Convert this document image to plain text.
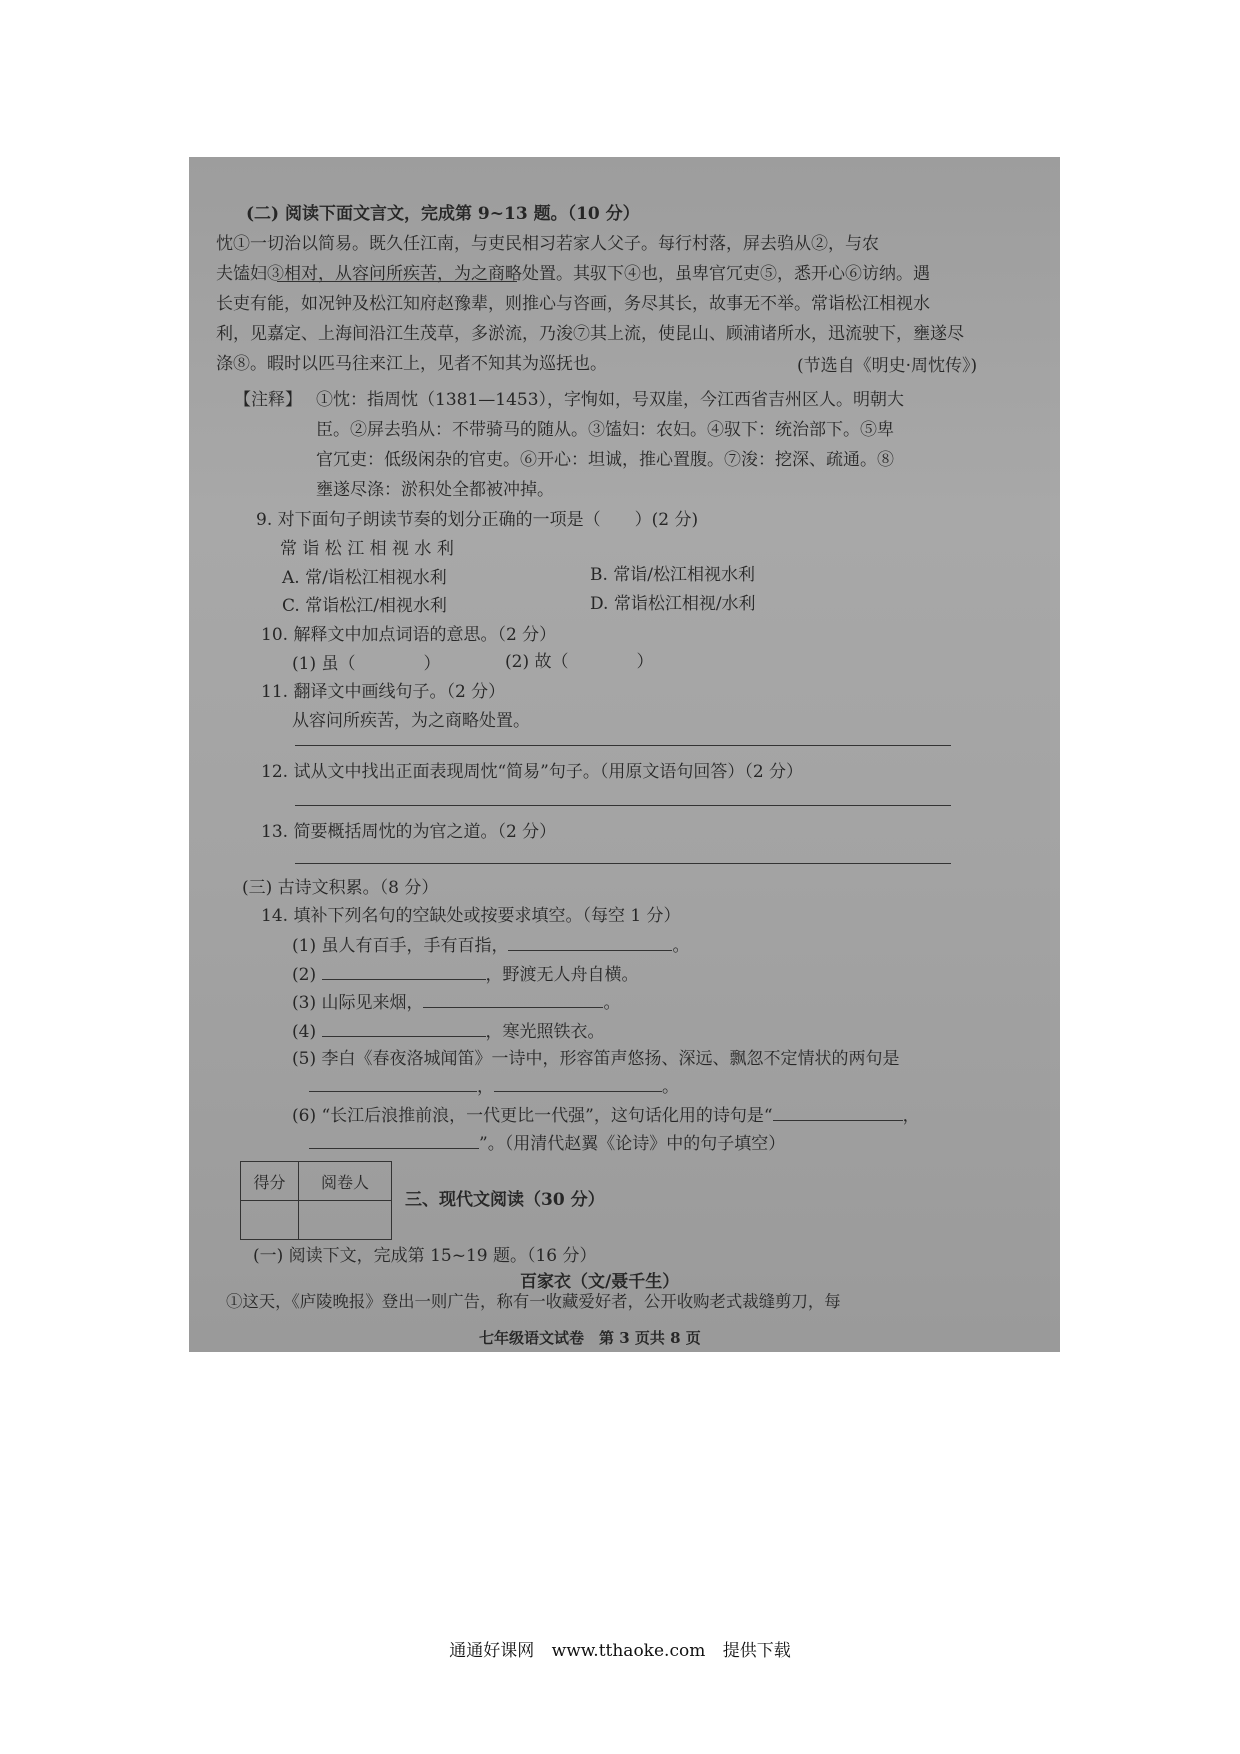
(二) 阅读下面文言文，完成第 9~13 题。（10 分）
忱①一切治以简易。既久任江南，与吏民相习若家人父子。每行村落，屏去驺从②，与农
夫馌妇③相对，从容问所疾苦，为之商略处置。其驭下④也，虽卑官冗吏⑤，悉开心⑥访纳。遇
长吏有能，如况钟及松江知府赵豫辈，则推心与咨画，务尽其长，故事无不举。常诣松江相视水
利，见嘉定、上海间沿江生茂草，多淤流，乃浚⑦其上流，使昆山、顾浦诸所水，迅流驶下，壅遂尽
涤⑧。暇时以匹马往来江上，见者不知其为巡抚也。	(节选自《明史·周忱传》)
【注释】 ①忱：指周忱（1381—1453），字恂如，号双崖，今江西省吉州区人。明朝大
臣。②屏去驺从：不带骑马的随从。③馌妇：农妇。④驭下：统治部下。⑤卑
官冗吏：低级闲杂的官吏。⑥开心：坦诚，推心置腹。⑦浚：挖深、疏通。⑧
壅遂尽涤：淤积处全都被冲掉。
9. 对下面句子朗读节奏的划分正确的一项是（　　）(2 分)
常 诣 松 江 相 视 水 利
A. 常/诣松江相视水利	B. 常诣/松江相视水利
C. 常诣松江/相视水利	D. 常诣松江相视/水利
10. 解释文中加点词语的意思。（2 分）
(1) 虽（　　　　）	(2) 故（　　　　）
11. 翻译文中画线句子。（2 分）
从容问所疾苦，为之商略处置。
12. 试从文中找出正面表现周忱“简易”句子。（用原文语句回答）（2 分）
13. 简要概括周忱的为官之道。（2 分）
(三) 古诗文积累。（8 分）
14. 填补下列名句的空缺处或按要求填空。（每空 1 分）
(1) 虽人有百手，手有百指，	。
(2)	，野渡无人舟自横。
(3) 山际见来烟，	。
(4)	，寒光照铁衣。
(5) 李白《春夜洛城闻笛》一诗中，形容笛声悠扬、深远、飘忽不定情状的两句是
，	。
(6) “长江后浪推前浪，一代更比一代强”，这句话化用的诗句是“	，
”。（用清代赵翼《论诗》中的句子填空）
得分	阅卷人

三、现代文阅读（30 分）
(一) 阅读下文，完成第 15~19 题。（16 分）
百家衣（文/聂千生）
①这天，《庐陵晚报》登出一则广告，称有一收藏爱好者，公开收购老式裁缝剪刀，每
七年级语文试卷　第 3 页共 8 页
通通好课网 www.tthaoke.com 提供下载
